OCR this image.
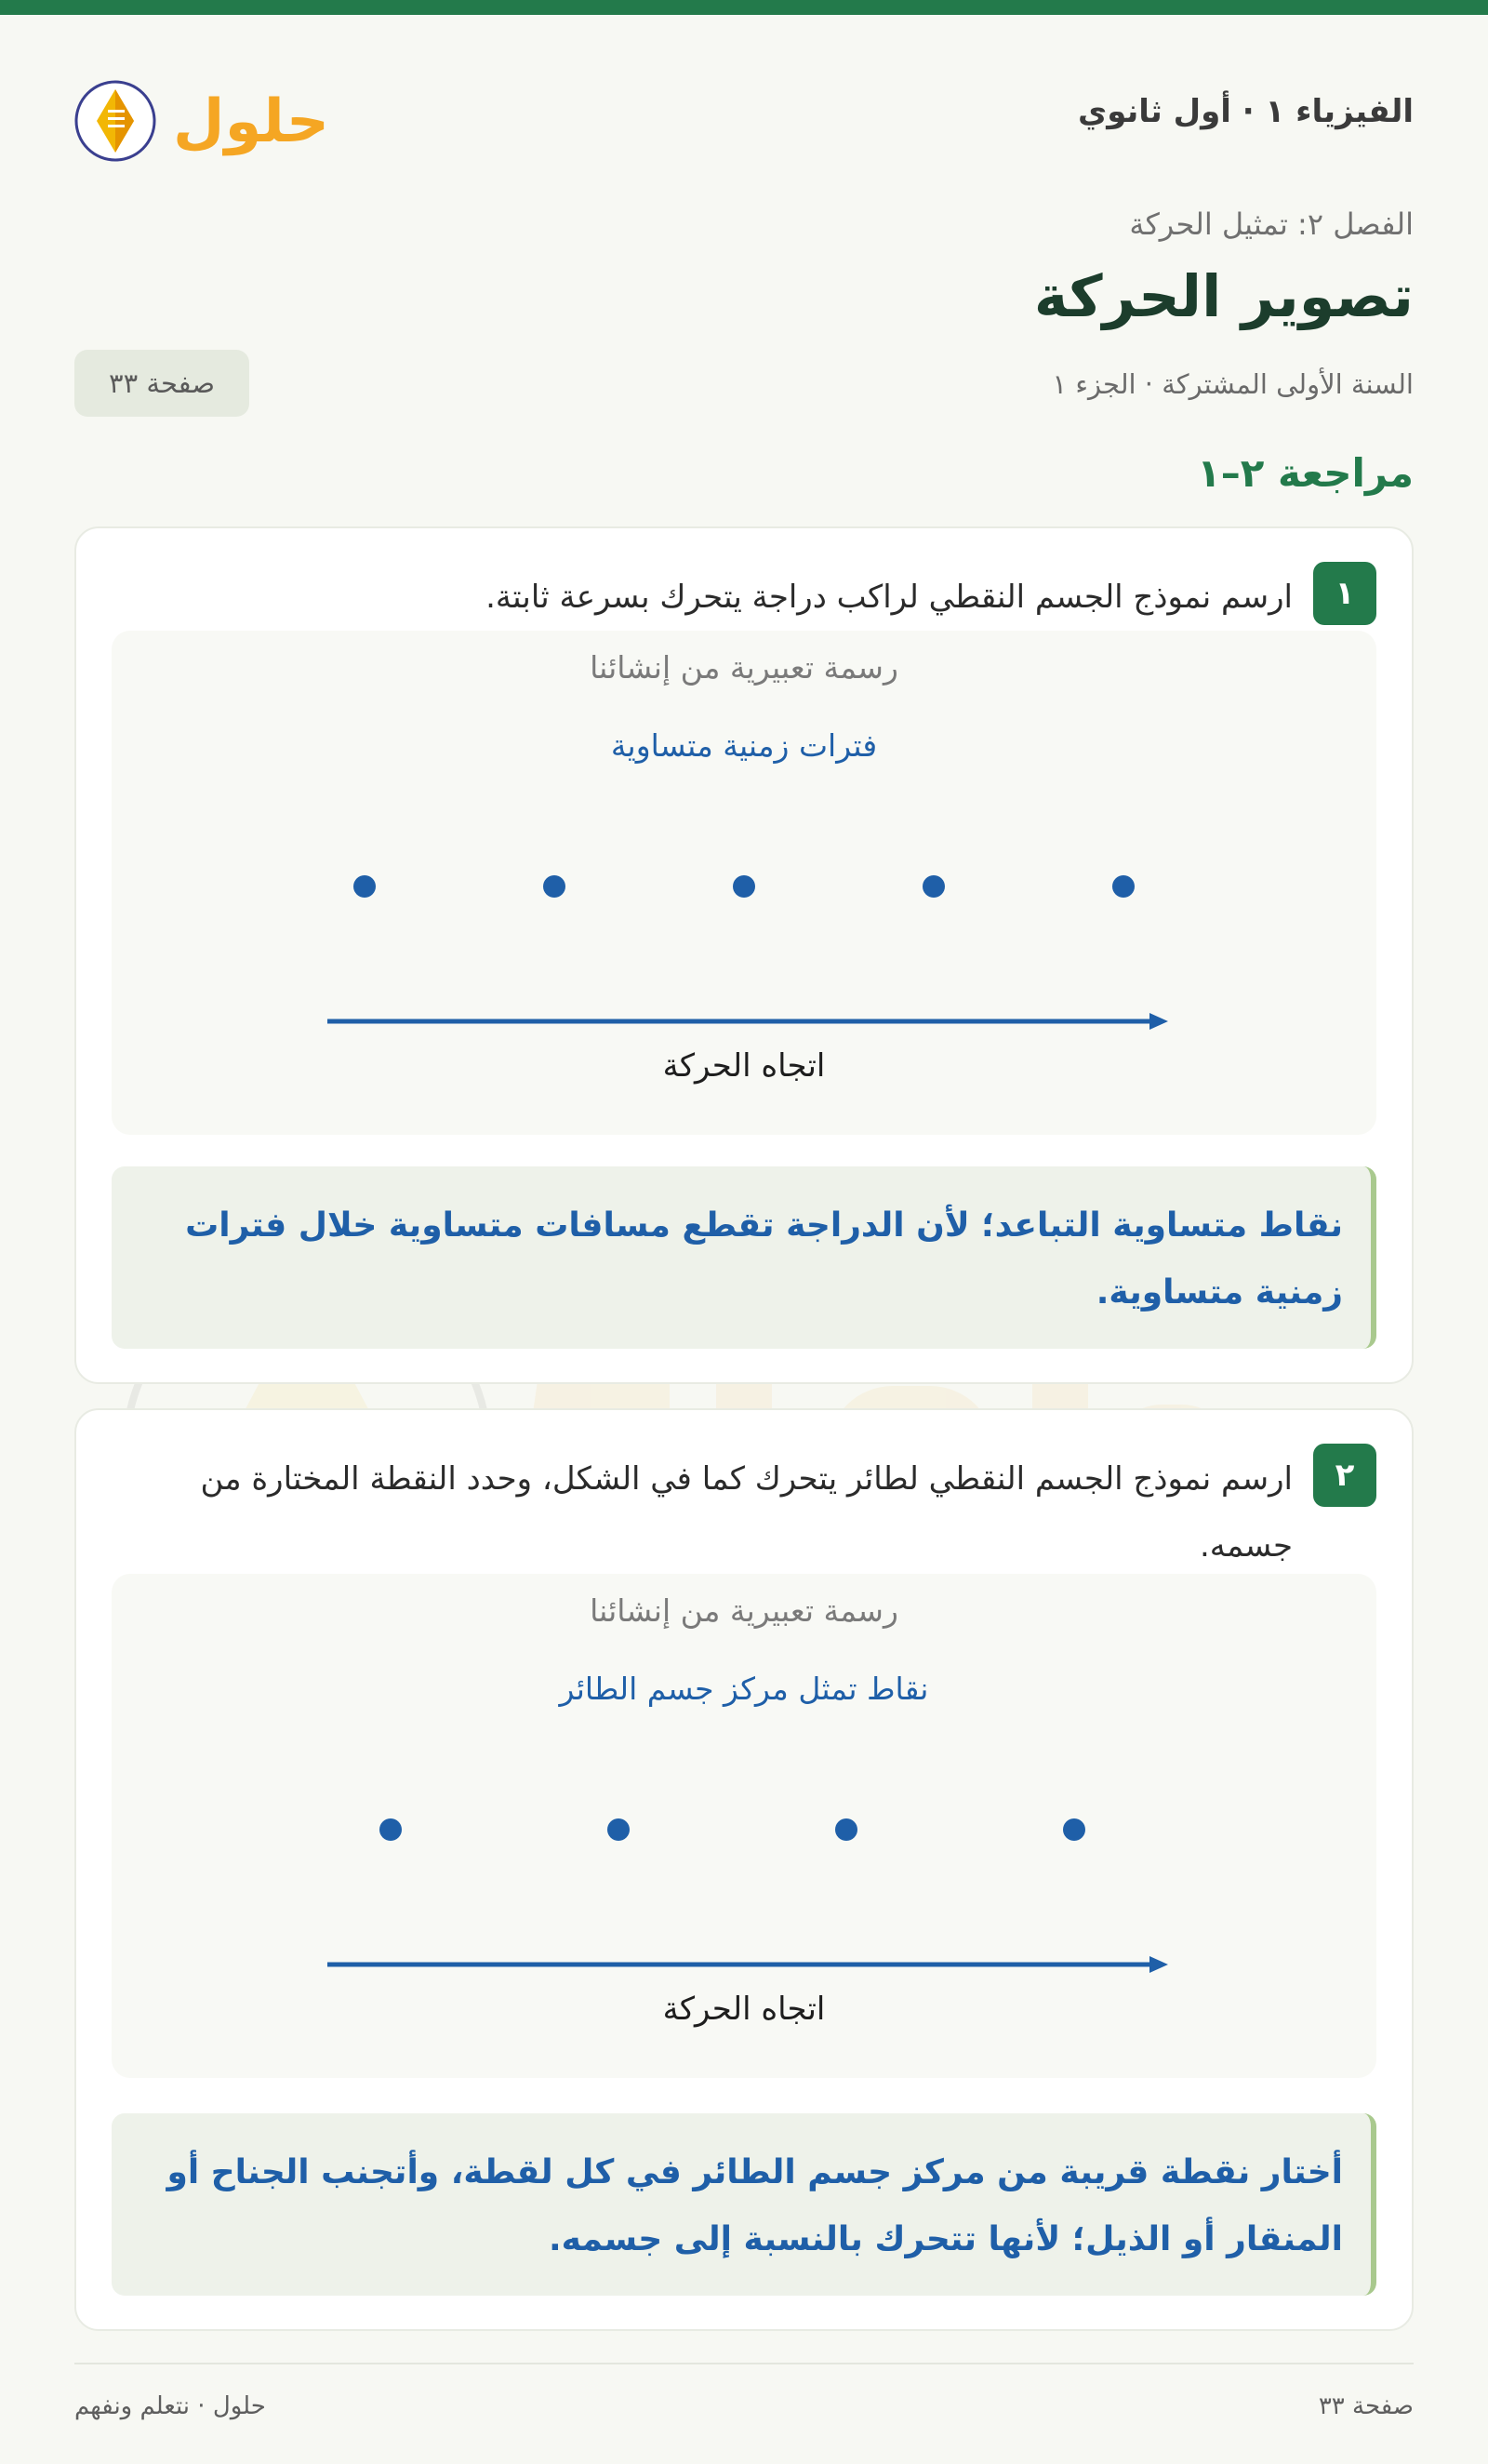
الفيزياء ١ · أول ثانوي
حلول
الفصل ٢: تمثيل الحركة
تصوير الحركة
السنة الأولى المشتركة · الجزء ١
صفحة ٣٣
مراجعة ٢–١
١
ارسم نموذج الجسم النقطي لراكب دراجة يتحرك بسرعة ثابتة.
رسمة تعبيرية من إنشائنا
فترات زمنية متساوية
اتجاه الحركة
نقاط متساوية التباعد؛ لأن الدراجة تقطع مسافات متساوية خلال فترات زمنية متساوية.
٢
ارسم نموذج الجسم النقطي لطائر يتحرك كما في الشكل، وحدد النقطة المختارة من جسمه.
رسمة تعبيرية من إنشائنا
نقاط تمثل مركز جسم الطائر
اتجاه الحركة
أختار نقطة قريبة من مركز جسم الطائر في كل لقطة، وأتجنب الجناح أو المنقار أو الذيل؛ لأنها تتحرك بالنسبة إلى جسمه.
صفحة ٣٣
حلول · نتعلم ونفهم
